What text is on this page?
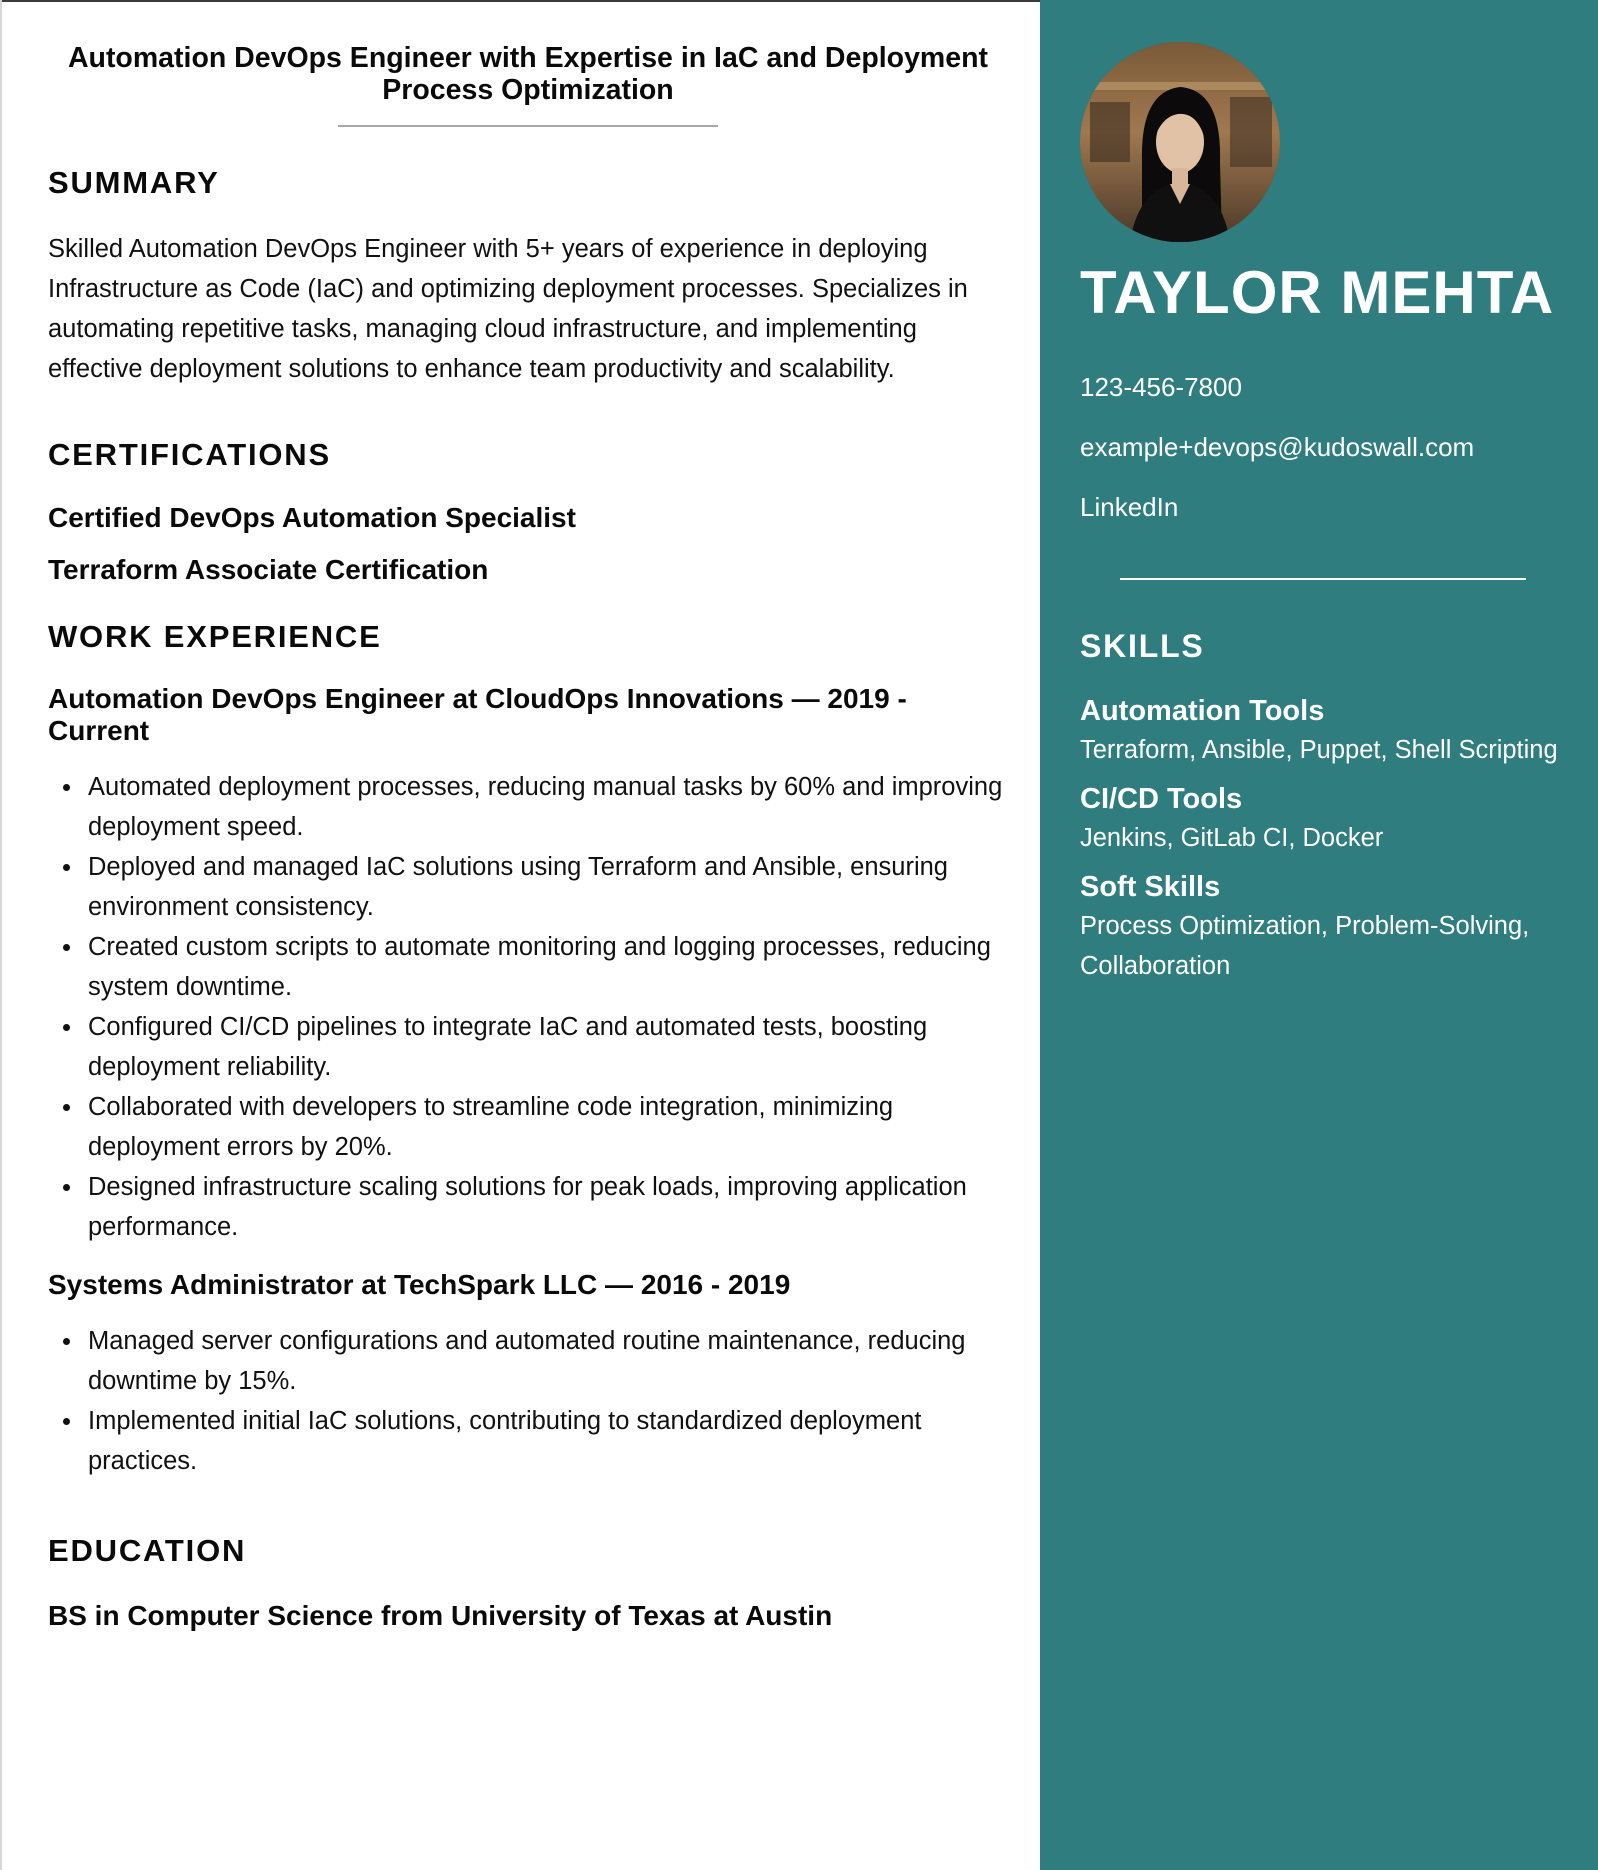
Automation DevOps Engineer with Expertise in IaC and Deployment Process Optimization
SUMMARY

Skilled Automation DevOps Engineer with 5+ years of experience in deploying Infrastructure as Code (IaC) and optimizing deployment processes. Specializes in automating repetitive tasks, managing cloud infrastructure, and implementing effective deployment solutions to enhance team productivity and scalability.

CERTIFICATIONS
Certified DevOps Automation Specialist
Terraform Associate Certification
WORK EXPERIENCE
Automation DevOps Engineer at CloudOps Innovations — 2019 - Current
Automated deployment processes, reducing manual tasks by 60% and improving deployment speed.
Deployed and managed IaC solutions using Terraform and Ansible, ensuring environment consistency.
Created custom scripts to automate monitoring and logging processes, reducing system downtime.
Configured CI/CD pipelines to integrate IaC and automated tests, boosting deployment reliability.
Collaborated with developers to streamline code integration, minimizing deployment errors by 20%.
Designed infrastructure scaling solutions for peak loads, improving application performance.
Systems Administrator at TechSpark LLC — 2016 - 2019
Managed server configurations and automated routine maintenance, reducing downtime by 15%.
Implemented initial IaC solutions, contributing to standardized deployment practices.
EDUCATION

BS in Computer Science from University of Texas at Austin

TAYLOR MEHTA
123-456-7800
example+devops@kudoswall.com
LinkedIn
SKILLS
Automation Tools
Terraform, Ansible, Puppet, Shell Scripting
CI/CD Tools
Jenkins, GitLab CI, Docker
Soft Skills
Process Optimization, Problem-Solving, Collaboration
